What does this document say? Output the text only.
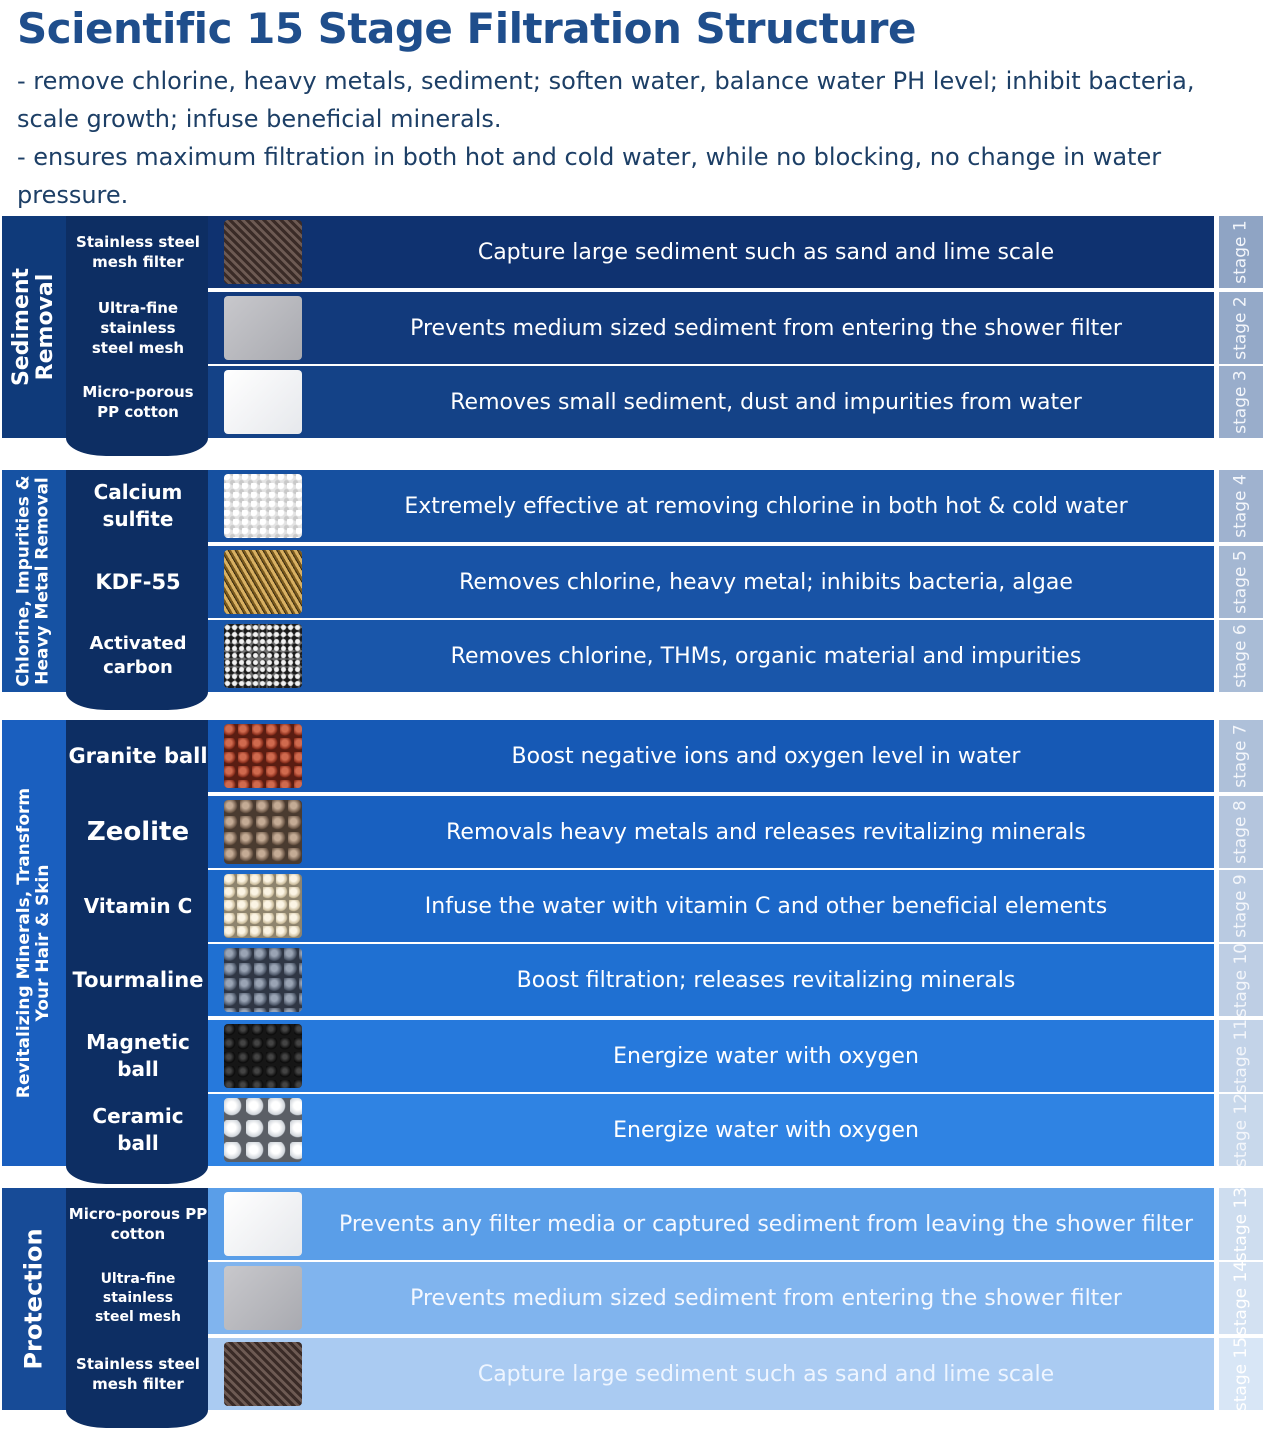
Scientific 15 Stage Filtration Structure
- remove chlorine, heavy metals, sediment; soften water, balance water PH level; inhibit bacteria, scale growth; infuse beneficial minerals.
- ensures maximum filtration in both hot and cold water, while no blocking, no change in water pressure.
Sediment Removal
Chlorine, Impurities & Heavy Metal Removal
Revitalizing Minerals, Transform Your Hair & Skin
Protection
Stainless steel
mesh filter	Capture large sediment such as sand and lime scale	stage 1
Ultra-fine
stainless
steel mesh
Prevents medium sized sediment from entering the shower filter	stage 2
Micro-porous
PP cotton	Removes small sediment, dust and impurities from water	stage 3
Calcium
sulfite
Extremely effective at removing chlorine in both hot & cold water	stage 4
KDF-55	Removes chlorine, heavy metal; inhibits bacteria, algae	stage 5
Activated
carbon	Removes chlorine, THMs, organic material and impurities	stage 6
Granite ball	Boost negative ions and oxygen level in water	stage 7
Zeolite	Removals heavy metals and releases revitalizing minerals	stage 8
Vitamin C	Infuse the water with vitamin C and other beneficial elements	stage 9
Tourmaline	Boost filtration; releases revitalizing minerals	stage 10
Magnetic
ball
Energize water with oxygen	stage 11
Ceramic
ball
Energize water with oxygen	stage 12
Micro-porous PP
cotton	Prevents any filter media or captured sediment from leaving the shower filter	stage 13
Ultra-fine stainless
steel mesh
Prevents medium sized sediment from entering the shower filter	stage 14
Stainless steel
mesh filter	Capture large sediment such as sand and lime scale	stage 15
